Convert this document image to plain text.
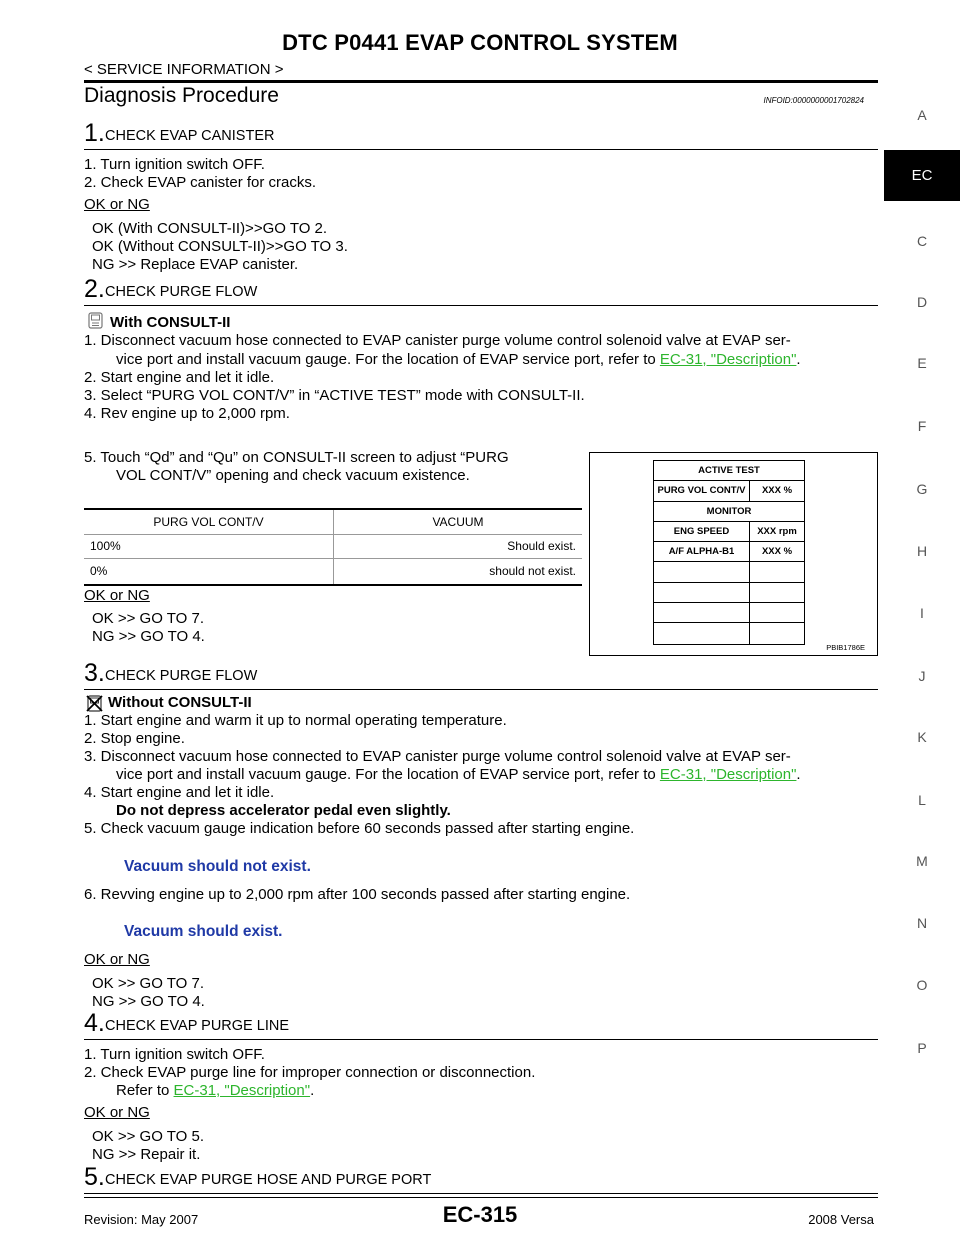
DTC P0441 EVAP CONTROL SYSTEM
< SERVICE INFORMATION >
Diagnosis Procedure	INFOID:0000000001702824
1. CHECK EVAP CANISTER
1. Turn ignition switch OFF.
2. Check EVAP canister for cracks.
OK or NG
OK (With CONSULT-II)>>GO TO 2.
OK (Without CONSULT-II)>>GO TO 3.
NG >> Replace EVAP canister.
2. CHECK PURGE FLOW
With CONSULT-II
1. Disconnect vacuum hose connected to EVAP canister purge volume control solenoid valve at EVAP ser-
vice port and install vacuum gauge. For the location of EVAP service port, refer to EC-31, "Description".
2. Start engine and let it idle.
3. Select “PURG VOL CONT/V” in “ACTIVE TEST” mode with CONSULT-II.
4. Rev engine up to 2,000 rpm.
5. Touch “Qd” and “Qu” on CONSULT-II screen to adjust “PURG
VOL CONT/V” opening and check vacuum existence.
PURG VOL CONT/V	VACUUM
100%	Should exist.
0%	should not exist.
OK or NG
OK >> GO TO 7.
NG >> GO TO 4.
ACTIVE TEST
PURG VOL CONT/V	XXX %
MONITOR
ENG SPEED	XXX rpm
A/F ALPHA-B1	XXX %
PBIB1786E
3. CHECK PURGE FLOW
Without CONSULT-II
1. Start engine and warm it up to normal operating temperature.
2. Stop engine.
3. Disconnect vacuum hose connected to EVAP canister purge volume control solenoid valve at EVAP ser-
vice port and install vacuum gauge. For the location of EVAP service port, refer to EC-31, "Description".
4. Start engine and let it idle.
Do not depress accelerator pedal even slightly.
5. Check vacuum gauge indication before 60 seconds passed after starting engine.
Vacuum should not exist.
6. Revving engine up to 2,000 rpm after 100 seconds passed after starting engine.
Vacuum should exist.
OK or NG
OK >> GO TO 7.
NG >> GO TO 4.
4. CHECK EVAP PURGE LINE
1. Turn ignition switch OFF.
2. Check EVAP purge line for improper connection or disconnection.
Refer to EC-31, "Description".
OK or NG
OK >> GO TO 5.
NG >> Repair it.
5. CHECK EVAP PURGE HOSE AND PURGE PORT
A
EC
C
D
E
F
G
H
I
J
K
L
M
N
O
P
Revision: May 2007	EC-315	2008 Versa
